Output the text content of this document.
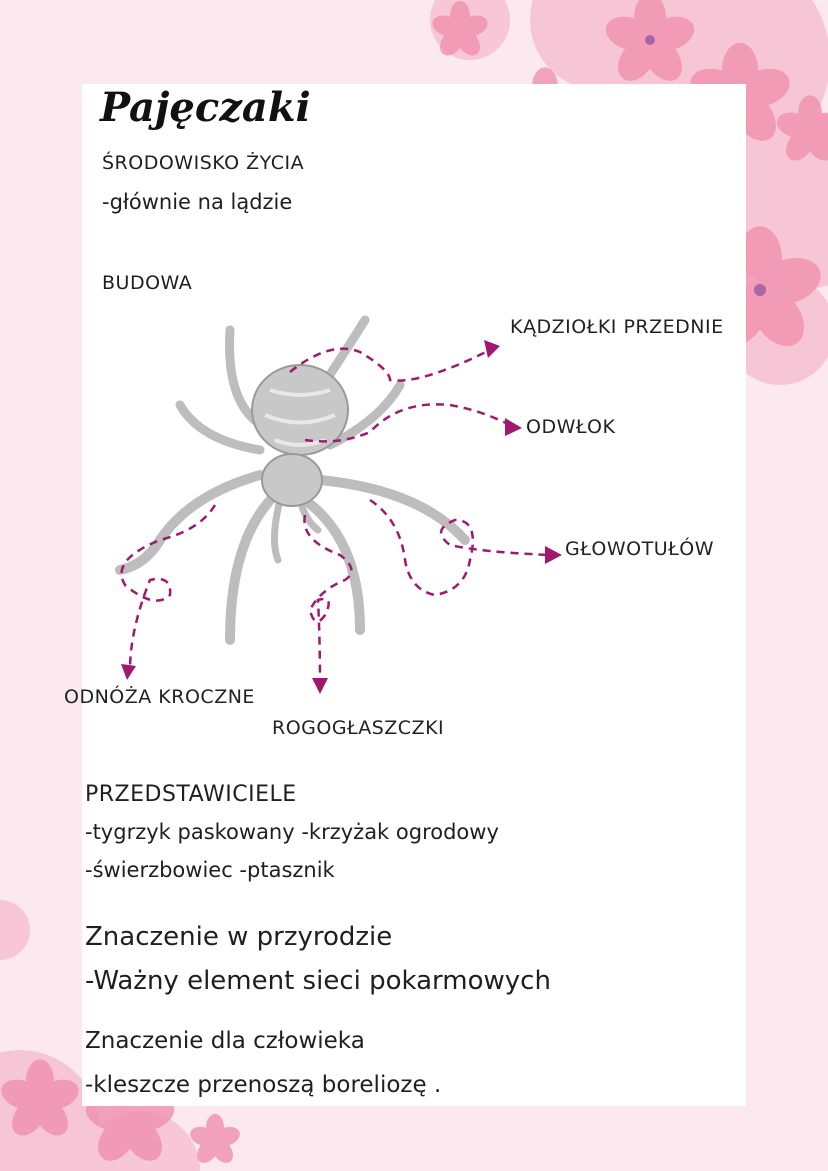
Pajęczaki
ŚRODOWISKO ŻYCIA
-głównie na lądzie
BUDOWA
KĄDZIOŁKI PRZEDNIE
ODWŁOK
GŁOWOTUŁÓW
ODNÓŻA KROCZNE
ROGOGŁASZCZKI
PRZEDSTAWICIELE
-tygrzyk paskowany -krzyżak ogrodowy
-świerzbowiec -ptasznik
Znaczenie w przyrodzie
-Ważny element sieci pokarmowych
Znaczenie dla człowieka
-kleszcze przenoszą boreliozę .
